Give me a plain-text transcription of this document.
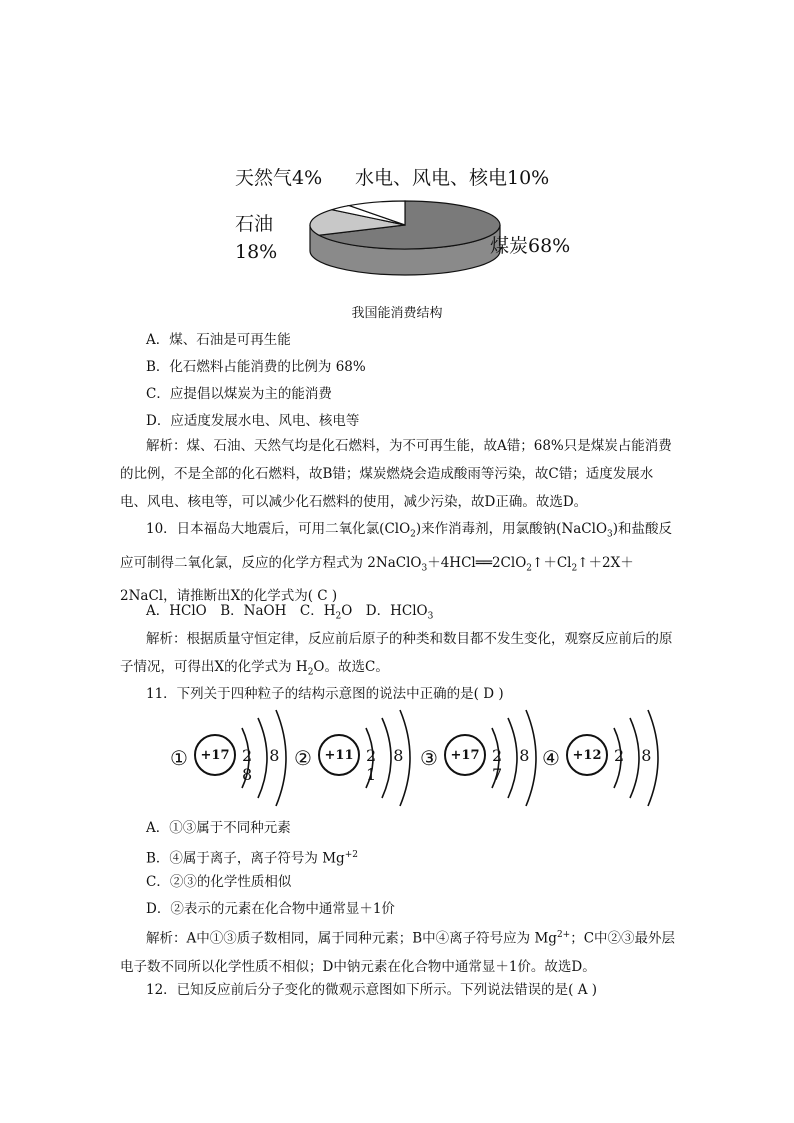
天然气4% 水电、风电、核电10%
石油
18%	煤炭68%
我国能消费结构
A．煤、石油是可再生能
B．化石燃料占能消费的比例为 68%
C．应提倡以煤炭为主的能消费
D．应适度发展水电、风电、核电等
解析：煤、石油、天然气均是化石燃料，为不可再生能，故A错；68%只是煤炭占能消费的比例，不是全部的化石燃料，故B错；煤炭燃烧会造成酸雨等污染，故C错；适度发展水电、风电、核电等，可以减少化石燃料的使用，减少污染，故D正确。故选D。
10．日本福岛大地震后，可用二氧化氯(ClO$_2$)来作消毒剂，用氯酸钠(NaClO$_3$)和盐酸反应可制得二氧化氯，反应的化学方程式为 $2NaClO_3+4HCl══2ClO_2↑+Cl_2↑+2X+2NaCl$，请推断出X的化学式为( C )
A．HClO　B．NaOH　C．$H_2O$　D．HClO$_3$
解析：根据质量守恒定律，反应前后原子的种类和数目都不发生变化，观察反应前后的原子情况，可得出X的化学式为 $H_2O$。故选C。
11．下列关于四种粒子的结构示意图的说法中正确的是( D )
① +17 2 8 8
② +11 2 8 1
③ +17 2 8 7
④ +12 2 8
A．①③属于不同种元素
B．④属于离子，离子符号为 $Mg^{+2}$
C．②③的化学性质相似
D．②表示的元素在化合物中通常显＋1价
解析：A中①③质子数相同，属于同种元素；B中④离子符号应为 $Mg^{2+}$；C中②③最外层电子数不同所以化学性质不相似；D中钠元素在化合物中通常显＋1价。故选D。
12．已知反应前后分子变化的微观示意图如下所示。下列说法错误的是( A )
